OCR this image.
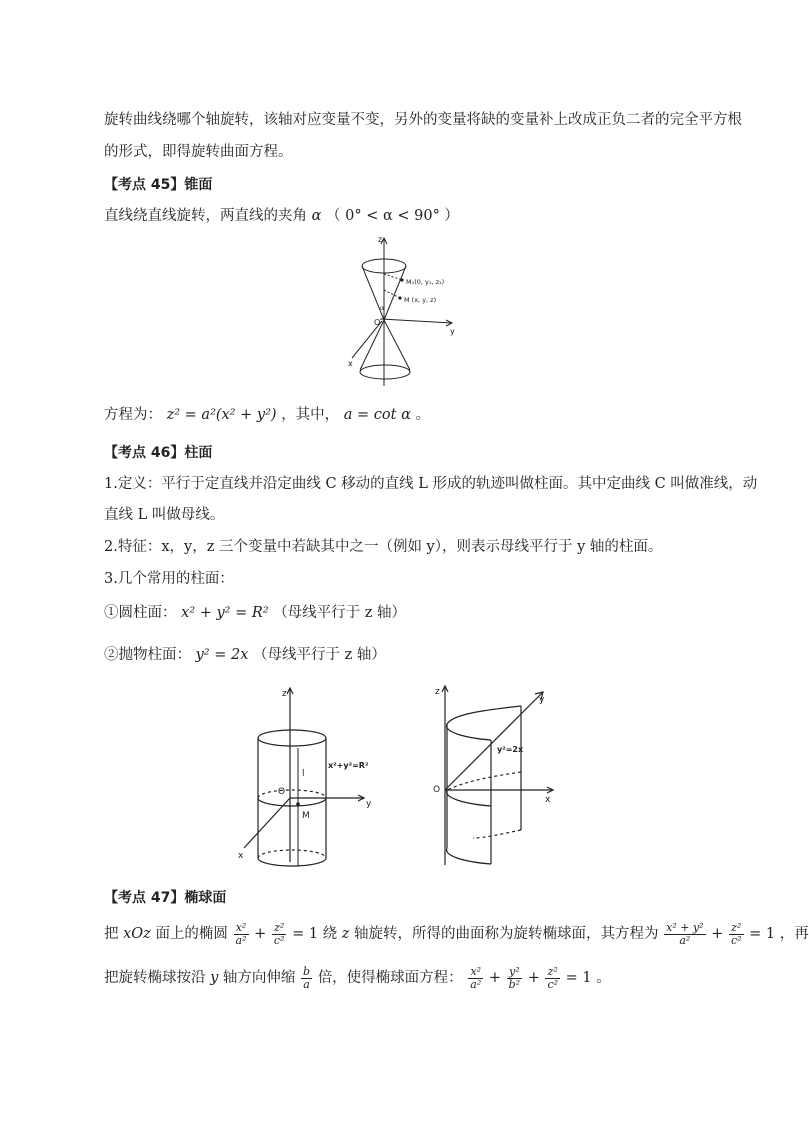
旋转曲线绕哪个轴旋转，该轴对应变量不变，另外的变量将缺的变量补上改成正负二者的完全平方根
的形式，即得旋转曲面方程。
【考点 45】锥面
直线绕直线旋转，两直线的夹角 α （ 0° < α < 90° ）
z
y
x
O
M₁(0, y₁, z₁)
M (x, y, z)
α
方程为： z² = a²(x² + y²) ，其中， a = cot α 。
【考点 46】柱面
1.定义：平行于定直线并沿定曲线 C 移动的直线 L 形成的轨迹叫做柱面。其中定曲线 C 叫做准线，动
直线 L 叫做母线。
2.特征：x，y，z 三个变量中若缺其中之一（例如 y），则表示母线平行于 y 轴的柱面。
3.几个常用的柱面：
①圆柱面： x² + y² = R² （母线平行于 z 轴）
②抛物柱面： y² = 2x （母线平行于 z 轴）
z
y
x
l
M
O
x²+y²=R²
z
y
x
O
y²=2x
【考点 47】椭球面
把 xOz 面上的椭圆 $\frac{\text{x²}}{\text{a²}} + \frac{\text{z²}}{\text{c²}} = 1$ 绕 z 轴旋转，所得的曲面称为旋转椭球面，其方程为 $\frac{\text{x² + y²}}{\text{a²}} + \frac{\text{z²}}{\text{c²}} = 1$ ，再
把旋转椭球按沿 y 轴方向伸缩 $\frac{b}{a}$ 倍，使得椭球面方程： $\frac{\text{x²}}{\text{a²}} + \frac{\text{y²}}{\text{b²}} + \frac{\text{z²}}{\text{c²}} = 1$ 。
